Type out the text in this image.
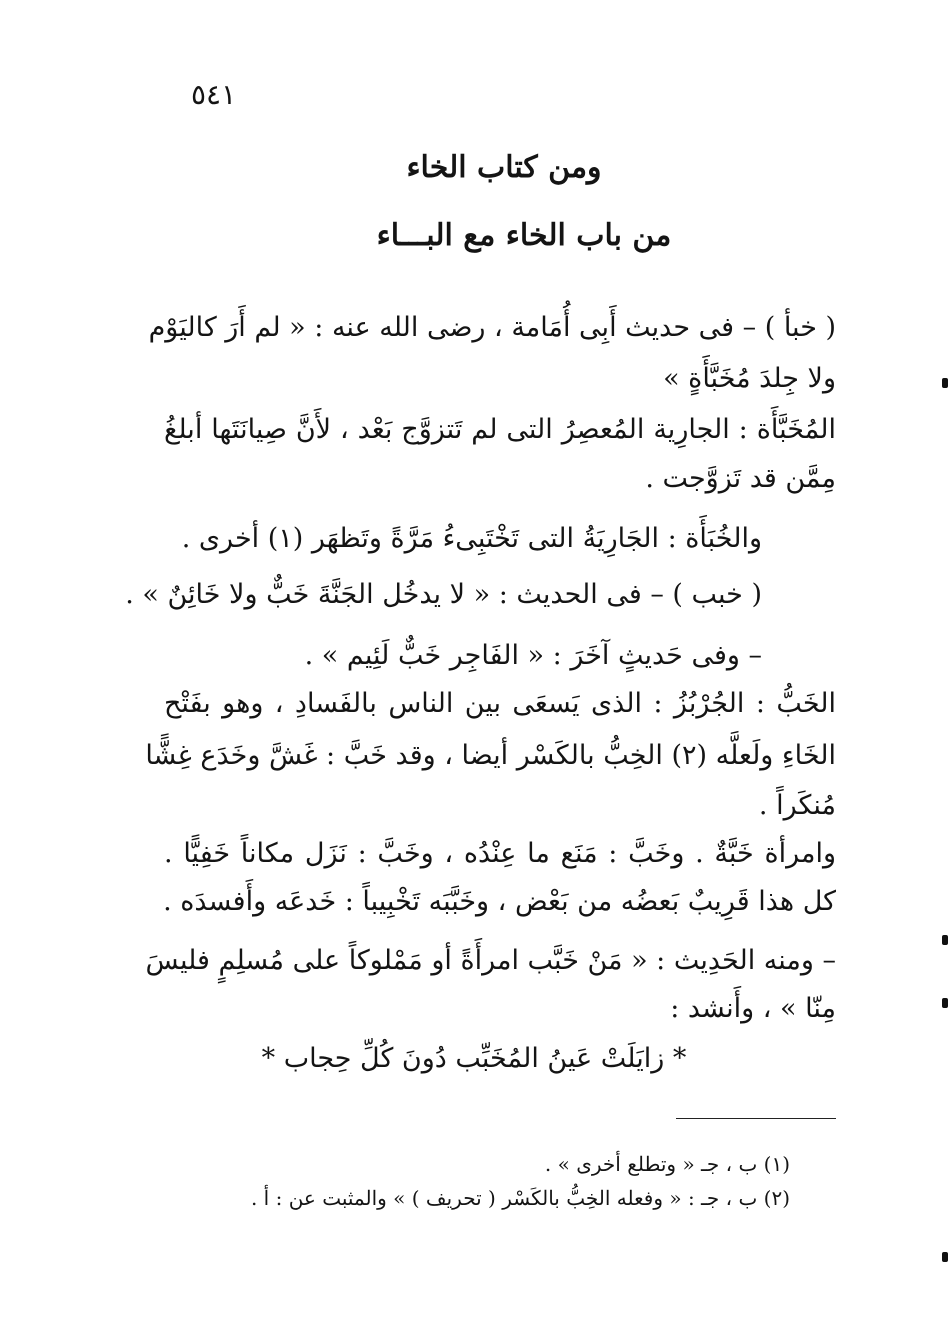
٥٤١
ومن كتاب الخاء
من باب الخاء مع البـــاء
( خبأ ) – فى حديث أَبِى أُمَامة ، رضى الله عنه : « لم أَرَ كاليَوْم
ولا جِلدَ مُخَبَّأَةٍ »
المُخَبَّأَة : الجارِية المُعصِرُ التى لم تَتزوَّج بَعْد ، لأَنَّ صِيانَتَها أبلغُ
مِمَّن قد تَزوَّجت .
والخُبَأَة : الجَارِيَةُ التى تَخْتَبِىءُ مَرَّةً وتَظهَر (١) أخرى .
( خبب ) – فى الحديث : « لا يدخُل الجَنَّةَ خَبٌّ ولا خَائِنٌ » .
– وفى حَديثٍ آخَرَ : « الفَاجِر خَبٌّ لَئِيم » .
الخَبُّ : الجُرْبُزُ : الذى يَسعَى بين الناس بالفَسادِ ، وهو بفَتْح
الخَاءِ ولَعلَّه (٢) الخِبُّ بالكَسْر أيضا ، وقد خَبَّ : غَشَّ وخَدَع غِشًّا
مُنكَراً .
وامرأة خَبَّةٌ . وخَبَّ : مَنَع ما عِنْدُه ، وخَبَّ : نَزَل مكاناً خَفِيًّا .
كل هذا قَرِيبٌ بَعضُه من بَعْض ، وخَبَّبَه تَخْبِيباً : خَدعَه وأَفسدَه .
– ومنه الحَدِيث : « مَنْ خَبَّب امرأَةً أو مَمْلوكاً على مُسلِمٍ فليسَ
مِنّا » ، وأَنشد :
* زايَلَتْ عَينُ المُخَبِّب دُونَ كُلِّ حِجاب *
(١) ب ، جـ « وتطلع أخرى » .
(٢) ب ، جـ : « وفعله الخِبُّ بالكَسْر ( تحريف ) » والمثبت عن : أ .
